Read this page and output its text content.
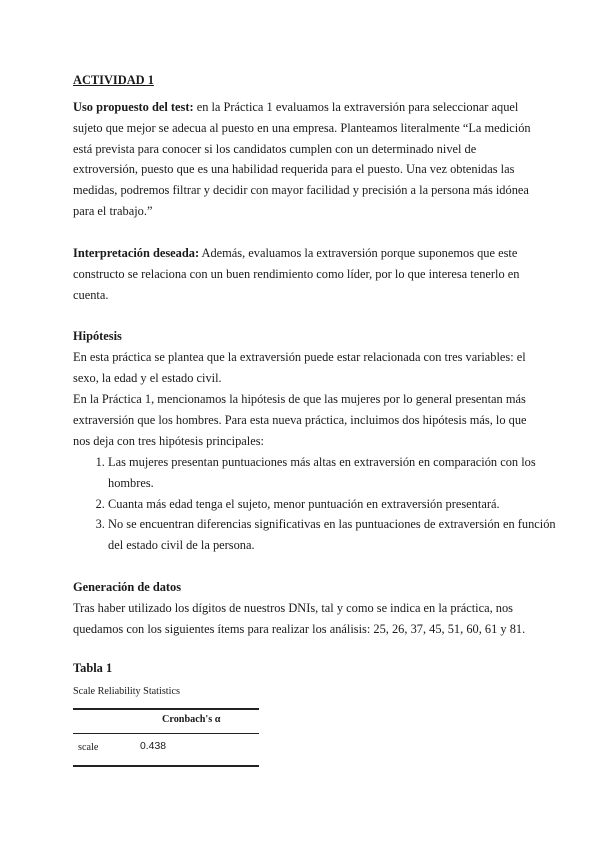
ACTIVIDAD 1

Uso propuesto del test: en la Práctica 1 evaluamos la extraversión para seleccionar aquel sujeto que mejor se adecua al puesto en una empresa. Planteamos literalmente “La medición está prevista para conocer si los candidatos cumplen con un determinado nivel de extroversión, puesto que es una habilidad requerida para el puesto. Una vez obtenidas las medidas, podremos filtrar y decidir con mayor facilidad y precisión a la persona más idónea para el trabajo.”

Interpretación deseada: Además, evaluamos la extraversión porque suponemos que este constructo se relaciona con un buen rendimiento como líder, por lo que interesa tenerlo en cuenta.

Hipótesis

En esta práctica se plantea que la extraversión puede estar relacionada con tres variables: el sexo, la edad y el estado civil.

En la Práctica 1, mencionamos la hipótesis de que las mujeres por lo general presentan más extraversión que los hombres. Para esta nueva práctica, incluimos dos hipótesis más, lo que nos deja con tres hipótesis principales:

1. Las mujeres presentan puntuaciones más altas en extraversión en comparación con los hombres.
2. Cuanta más edad tenga el sujeto, menor puntuación en extraversión presentará.
3. No se encuentran diferencias significativas en las puntuaciones de extraversión en función del estado civil de la persona.
Generación de datos

Tras haber utilizado los dígitos de nuestros DNIs, tal y como se indica en la práctica, nos quedamos con los siguientes ítems para realizar los análisis: 25, 26, 37, 45, 51, 60, 61 y 81.

Tabla 1
Scale Reliability Statistics
Cronbach's α
scale	0.438
